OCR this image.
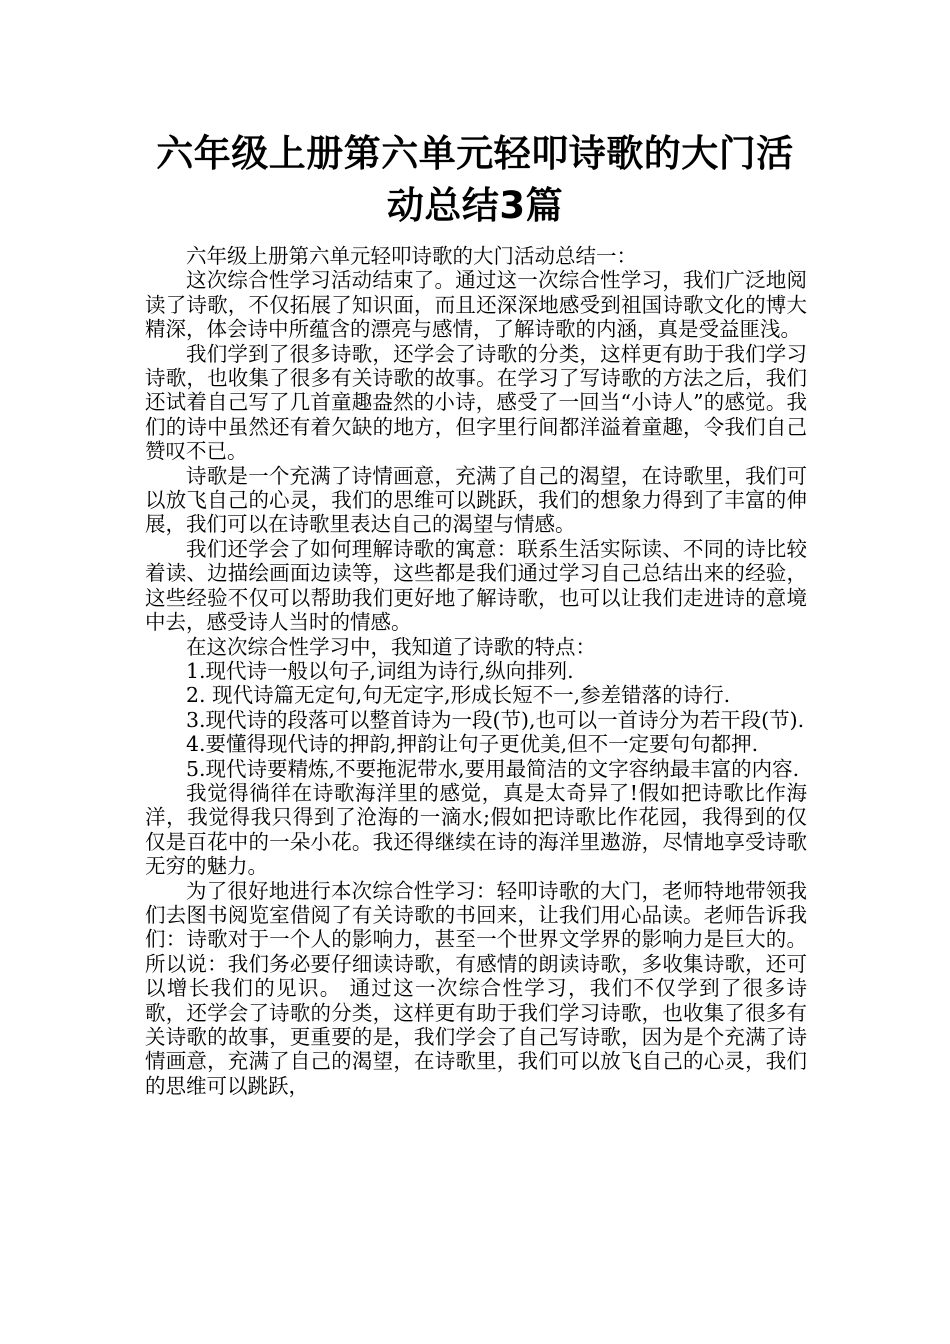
六年级上册第六单元轻叩诗歌的大门活
动总结3篇

六年级上册第六单元轻叩诗歌的大门活动总结一：

这次综合性学习活动结束了。通过这一次综合性学习，我们广泛地阅读了诗歌，不仅拓展了知识面，而且还深深地感受到祖国诗歌文化的博大精深，体会诗中所蕴含的漂亮与感情，了解诗歌的内涵，真是受益匪浅。

我们学到了很多诗歌，还学会了诗歌的分类，这样更有助于我们学习诗歌，也收集了很多有关诗歌的故事。在学习了写诗歌的方法之后，我们还试着自己写了几首童趣盎然的小诗，感受了一回当“小诗人”的感觉。我们的诗中虽然还有着欠缺的地方，但字里行间都洋溢着童趣，令我们自己赞叹不已。

诗歌是一个充满了诗情画意，充满了自己的渴望，在诗歌里，我们可以放飞自己的心灵，我们的思维可以跳跃，我们的想象力得到了丰富的伸展，我们可以在诗歌里表达自己的渴望与情感。

我们还学会了如何理解诗歌的寓意：联系生活实际读、不同的诗比较着读、边描绘画面边读等，这些都是我们通过学习自己总结出来的经验，这些经验不仅可以帮助我们更好地了解诗歌，也可以让我们走进诗的意境中去，感受诗人当时的情感。

在这次综合性学习中，我知道了诗歌的特点：

1.现代诗一般以句子,词组为诗行,纵向排列.

2. 现代诗篇无定句,句无定字,形成长短不一,参差错落的诗行.

3.现代诗的段落可以整首诗为一段(节),也可以一首诗分为若干段(节).

4.要懂得现代诗的押韵,押韵让句子更优美,但不一定要句句都押.

5.现代诗要精炼,不要拖泥带水,要用最简洁的文字容纳最丰富的内容.

我觉得徜徉在诗歌海洋里的感觉，真是太奇异了!假如把诗歌比作海洋，我觉得我只得到了沧海的一滴水;假如把诗歌比作花园，我得到的仅仅是百花中的一朵小花。我还得继续在诗的海洋里遨游，尽情地享受诗歌无穷的魅力。

为了很好地进行本次综合性学习：轻叩诗歌的大门，老师特地带领我们去图书阅览室借阅了有关诗歌的书回来，让我们用心品读。老师告诉我们：诗歌对于一个人的影响力，甚至一个世界文学界的影响力是巨大的。所以说：我们务必要仔细读诗歌，有感情的朗读诗歌，多收集诗歌，还可以增长我们的见识。 通过这一次综合性学习，我们不仅学到了很多诗歌，还学会了诗歌的分类，这样更有助于我们学习诗歌，也收集了很多有关诗歌的故事，更重要的是，我们学会了自己写诗歌，因为是个充满了诗情画意，充满了自己的渴望，在诗歌里，我们可以放飞自己的心灵，我们的思维可以跳跃，
